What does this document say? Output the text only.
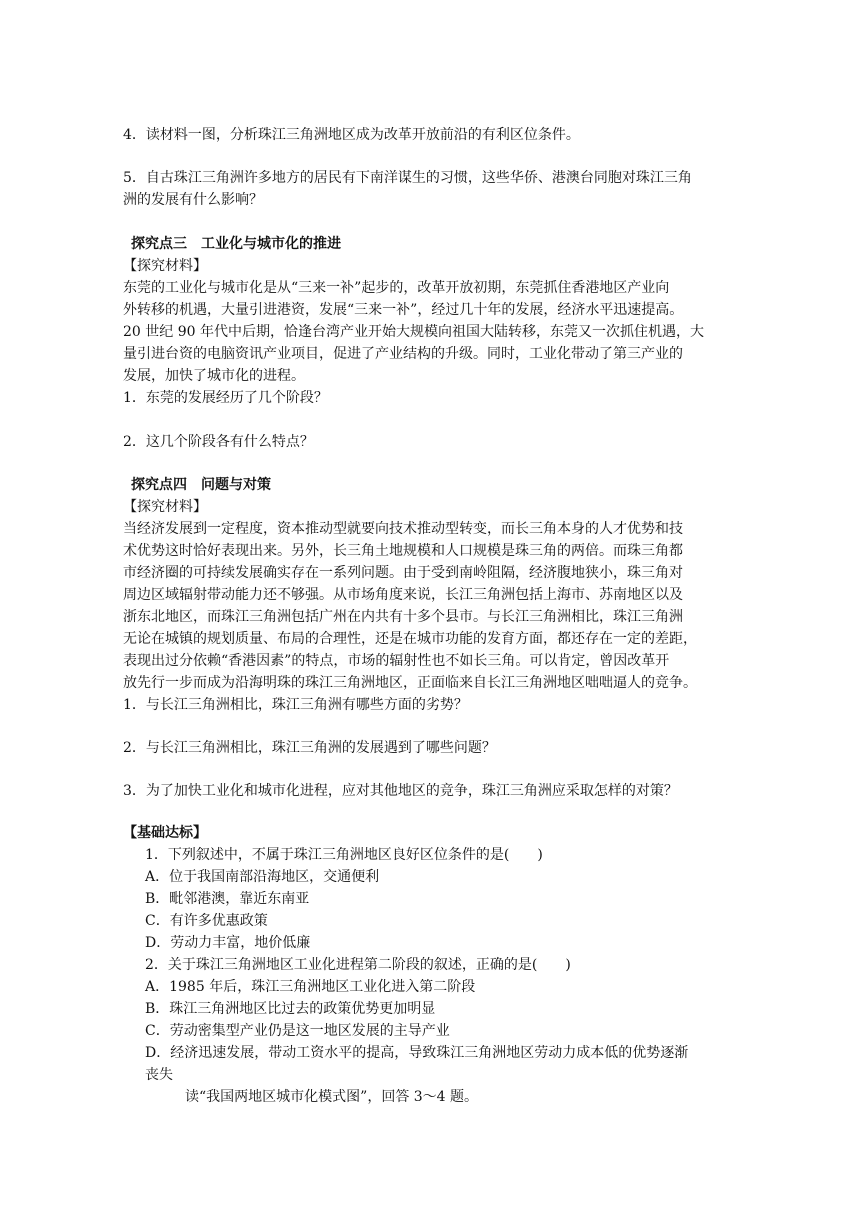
4．读材料一图，分析珠江三角洲地区成为改革开放前沿的有利区位条件。
5．自古珠江三角洲许多地方的居民有下南洋谋生的习惯，这些华侨、港澳台同胞对珠江三角
洲的发展有什么影响？
探究点三　工业化与城市化的推进
【探究材料】
东莞的工业化与城市化是从“三来一补”起步的，改革开放初期，东莞抓住香港地区产业向
外转移的机遇，大量引进港资，发展“三来一补”，经过几十年的发展，经济水平迅速提高。
20 世纪 90 年代中后期，恰逢台湾产业开始大规模向祖国大陆转移，东莞又一次抓住机遇，大
量引进台资的电脑资讯产业项目，促进了产业结构的升级。同时，工业化带动了第三产业的
发展，加快了城市化的进程。
1．东莞的发展经历了几个阶段？
2．这几个阶段各有什么特点？
探究点四　问题与对策
【探究材料】
当经济发展到一定程度，资本推动型就要向技术推动型转变，而长三角本身的人才优势和技
术优势这时恰好表现出来。另外，长三角土地规模和人口规模是珠三角的两倍。而珠三角都
市经济圈的可持续发展确实存在一系列问题。由于受到南岭阻隔，经济腹地狭小，珠三角对
周边区域辐射带动能力还不够强。从市场角度来说，长江三角洲包括上海市、苏南地区以及
浙东北地区，而珠江三角洲包括广州在内共有十多个县市。与长江三角洲相比，珠江三角洲
无论在城镇的规划质量、布局的合理性，还是在城市功能的发育方面，都还存在一定的差距，
表现出过分依赖“香港因素”的特点，市场的辐射性也不如长三角。可以肯定，曾因改革开
放先行一步而成为沿海明珠的珠江三角洲地区，正面临来自长江三角洲地区咄咄逼人的竞争。
1．与长江三角洲相比，珠江三角洲有哪些方面的劣势？
2．与长江三角洲相比，珠江三角洲的发展遇到了哪些问题？
3．为了加快工业化和城市化进程，应对其他地区的竞争，珠江三角洲应采取怎样的对策？
【基础达标】
1．下列叙述中，不属于珠江三角洲地区良好区位条件的是(　　)
A．位于我国南部沿海地区，交通便利
B．毗邻港澳，靠近东南亚
C．有许多优惠政策
D．劳动力丰富，地价低廉
2．关于珠江三角洲地区工业化进程第二阶段的叙述，正确的是(　　)
A．1985 年后，珠江三角洲地区工业化进入第二阶段
B．珠江三角洲地区比过去的政策优势更加明显
C．劳动密集型产业仍是这一地区发展的主导产业
D．经济迅速发展，带动工资水平的提高，导致珠江三角洲地区劳动力成本低的优势逐渐
丧失
读“我国两地区城市化模式图”，回答 3～4 题。
